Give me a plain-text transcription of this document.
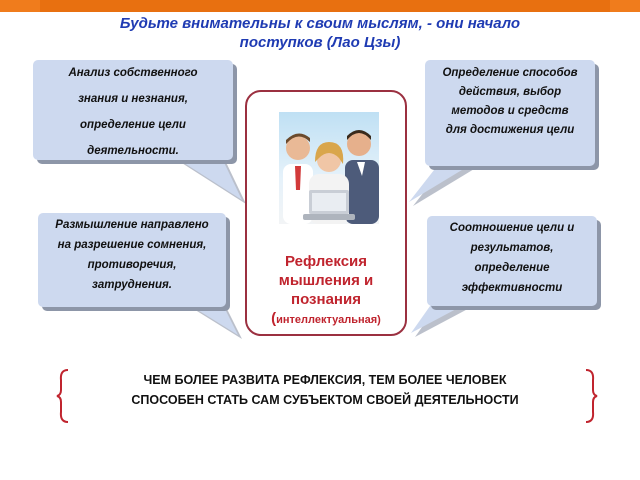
Будьте внимательны к своим мыслям, - они начало
поступков (Лао Цзы)
Анализ собственного
знания и незнания,
определение цели
деятельности.
Определение способов
действия, выбор
методов и средств
для достижения цели
Размышление направлено
на разрешение сомнения,
противоречия,
затруднения.
Соотношение цели и
результатов,
определение
эффективности
Рефлексия
мышления и
познания
(интеллектуальная)
ЧЕМ БОЛЕЕ РАЗВИТА РЕФЛЕКСИЯ, ТЕМ БОЛЕЕ ЧЕЛОВЕК
СПОСОБЕН СТАТЬ САМ СУБЪЕКТОМ СВОЕЙ ДЕЯТЕЛЬНОСТИ
